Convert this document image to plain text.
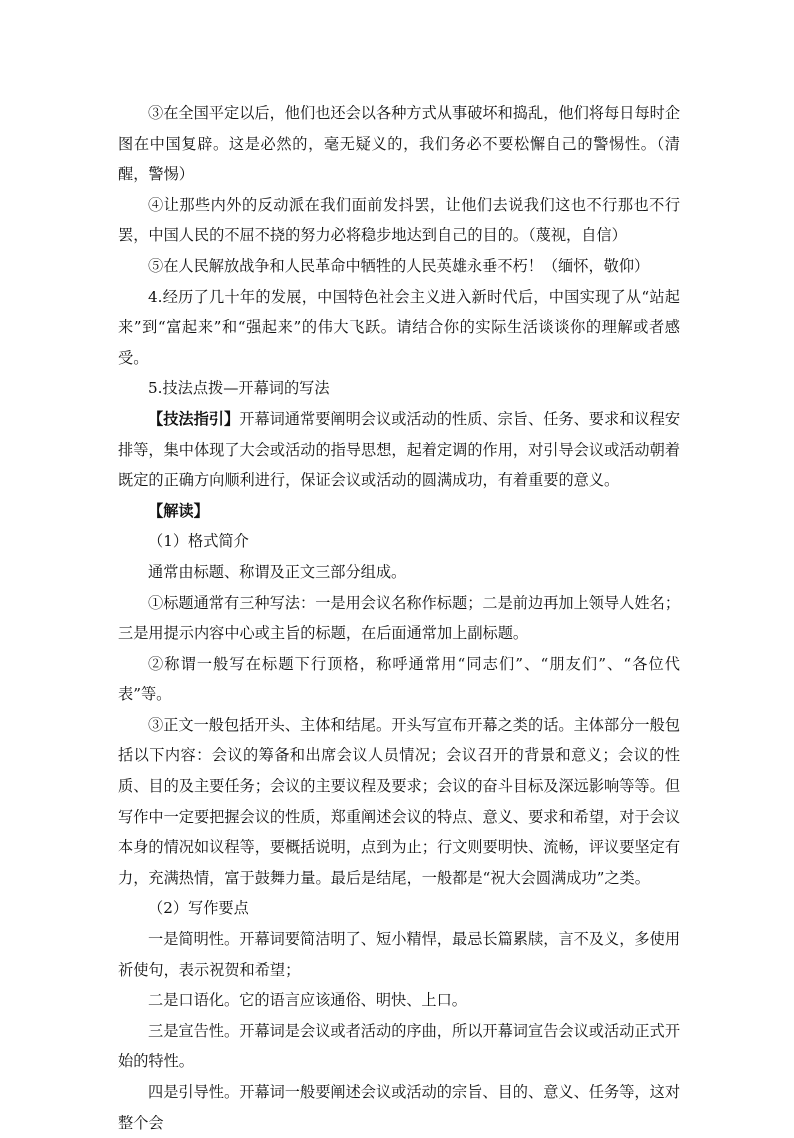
③在全国平定以后，他们也还会以各种方式从事破坏和捣乱，他们将每日每时企图在中国复辟。这是必然的，毫无疑义的，我们务必不要松懈自己的警惕性。（清醒，警惕）

④让那些内外的反动派在我们面前发抖罢，让他们去说我们这也不行那也不行罢，中国人民的不屈不挠的努力必将稳步地达到自己的目的。（蔑视，自信）

⑤在人民解放战争和人民革命中牺牲的人民英雄永垂不朽！（缅怀，敬仰）

4.经历了几十年的发展，中国特色社会主义进入新时代后，中国实现了从“站起来”到“富起来”和“强起来”的伟大飞跃。请结合你的实际生活谈谈你的理解或者感受。

5.技法点拨—开幕词的写法

【技法指引】开幕词通常要阐明会议或活动的性质、宗旨、任务、要求和议程安排等，集中体现了大会或活动的指导思想，起着定调的作用，对引导会议或活动朝着既定的正确方向顺利进行，保证会议或活动的圆满成功，有着重要的意义。

【解读】

（1）格式简介

通常由标题、称谓及正文三部分组成。

①标题通常有三种写法：一是用会议名称作标题；二是前边再加上领导人姓名；三是用提示内容中心或主旨的标题，在后面通常加上副标题。

②称谓一般写在标题下行顶格，称呼通常用“同志们”、“朋友们”、“各位代表”等。

③正文一般包括开头、主体和结尾。开头写宣布开幕之类的话。主体部分一般包括以下内容：会议的筹备和出席会议人员情况；会议召开的背景和意义；会议的性质、目的及主要任务；会议的主要议程及要求；会议的奋斗目标及深远影响等等。但写作中一定要把握会议的性质，郑重阐述会议的特点、意义、要求和希望，对于会议本身的情况如议程等，要概括说明，点到为止；行文则要明快、流畅，评议要坚定有力，充满热情，富于鼓舞力量。最后是结尾，一般都是“祝大会圆满成功”之类。

（2）写作要点

一是简明性。开幕词要简洁明了、短小精悍，最忌长篇累牍，言不及义，多使用祈使句，表示祝贺和希望；

二是口语化。它的语言应该通俗、明快、上口。

三是宣告性。开幕词是会议或者活动的序曲，所以开幕词宣告会议或活动正式开始的特性。

四是引导性。开幕词一般要阐述会议或活动的宗旨、目的、意义、任务等，这对整个会
